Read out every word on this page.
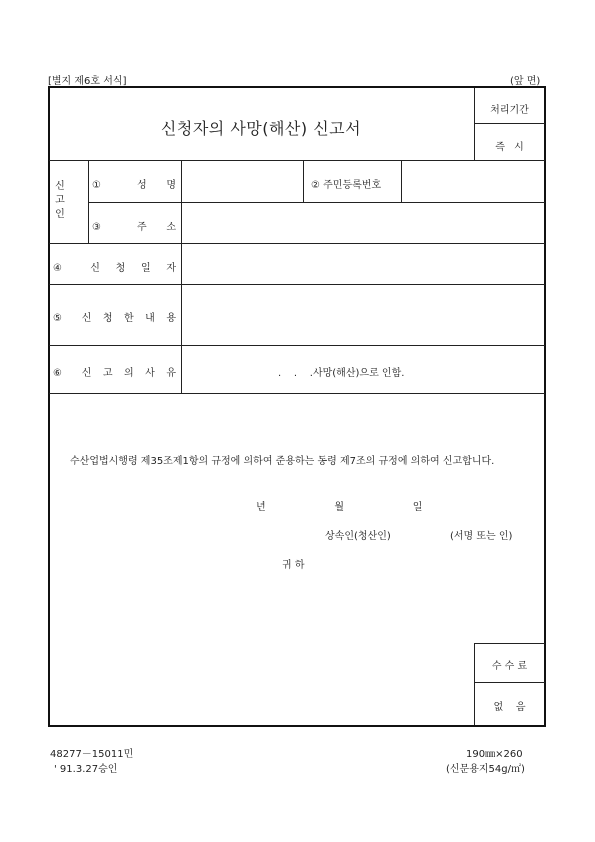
[별지 제6호 서식]	(앞 면)
신청자의 사망(해산) 신고서
처리기간
즉 시
신
고
인
① 성 명	② 주민등록번호
③ 주 소
④ 신 청 일 자
⑤ 신 청 한 내 용
⑥ 신 고 의 사 유	.    .    .사망(해산)으로 인함.
수산업법시행령 제35조제1항의 규정에 의하여 준용하는 동령 제7조의 규정에 의하여 신고합니다.
년    월    일
상속인(청산인)	(서명 또는 인)
귀 하
수 수 료
없    음
48277－15011민
' 91.3.27승인
190㎜×260
(신문용지54g/㎡)
